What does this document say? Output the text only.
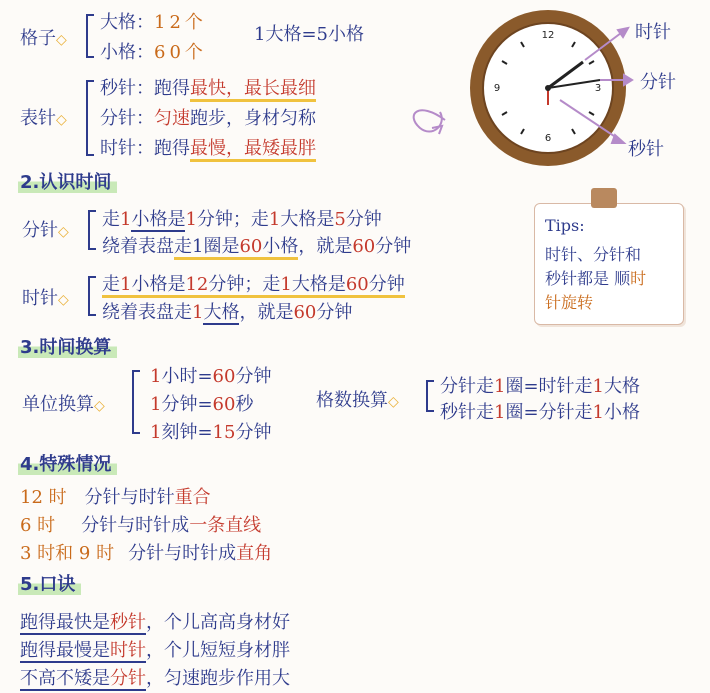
格子◇
大格：12个
小格：60个
1大格=5小格
表针◇
秒针：跑得最快，最长最细
分针：匀速跑步，身材匀称
时针：跑得最慢，最矮最胖
12
3
6
9
时针
分针
秒针
2.认识时间
分针◇
走1小格是1分钟；走1大格是5分钟
绕着表盘走1圈是60小格，就是60分钟
时针◇
走1小格是12分钟；走1大格是60分钟
绕着表盘走1大格，就是60分钟
Tips:
时针、分针和
秒针都是 顺时
针旋转
3.时间换算
单位换算◇
1小时=60分钟
1分钟=60秒
1刻钟=15分钟
格数换算◇
分针走1圈=时针走1大格
秒针走1圈=分针走1小格
4.特殊情况
12 时 分针与时针重合
6 时 分针与时针成一条直线
3 时和 9 时 分针与时针成直角
5.口诀
跑得最快是秒针，个儿高高身材好
跑得最慢是时针，个儿短短身材胖
不高不矮是分针，匀速跑步作用大
